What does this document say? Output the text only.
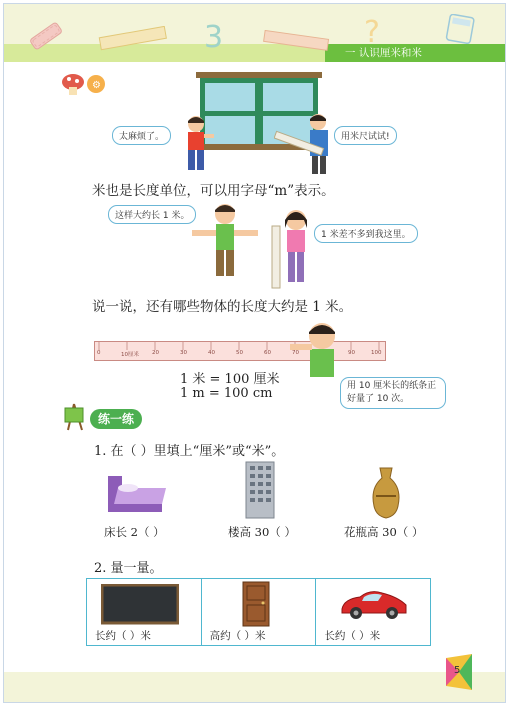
一 认识厘米和米
3	?
⚙
太麻烦了。	用米尺试试!
米也是长度单位，可以用字母“m”表示。
这样大约长 1 米。
1 米差不多到我这里。
说一说，还有哪些物体的长度大约是 1 米。
0	10厘米 20	30	40	50	60	70	90	100
1 米 = 100 厘米
1 m = 100 cm	用 10 厘米长的纸条正好量了 10 次。
练一练
1. 在（ ）里填上“厘米”或“米”。
床长 2（ ）	楼高 30（ ）	花瓶高 30（ ）
2. 量一量。
长约（ ）米	高约（ ）米	长约（ ）米
5
